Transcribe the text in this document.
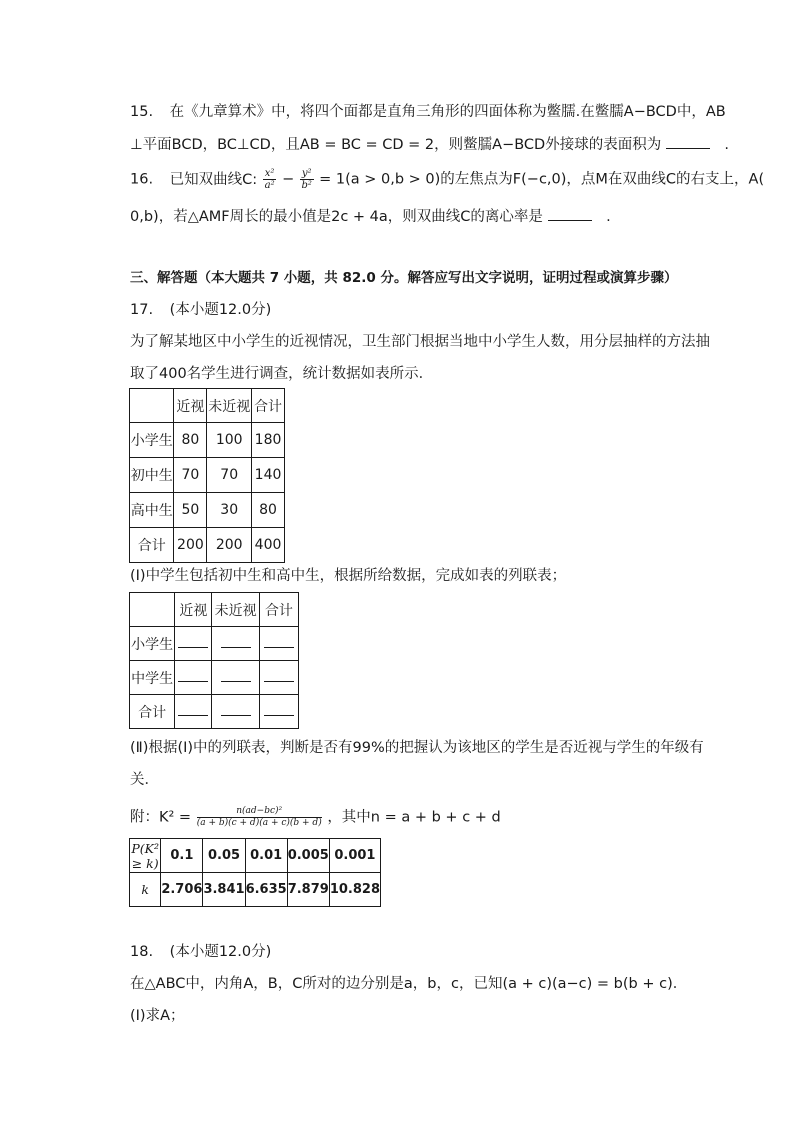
15. 在《九章算术》中，将四个面都是直角三角形的四面体称为鳖臑.在鳖臑A−BCD中，AB
⊥平面BCD，BC⊥CD，且AB = BC = CD = 2，则鳖臑A−BCD外接球的表面积为	.
16. 已知双曲线C: $\frac{\text{x²}}{\text{a²}} - \frac{\text{y²}}{\text{b²}} = 1(a > 0,b > 0)$的左焦点为F(−c,0)，点M在双曲线C的右支上，A(
0,b)，若△AMF周长的最小值是2c + 4a，则双曲线C的离心率是	.
三、解答题（本大题共 7 小题，共 82.0 分。解答应写出文字说明，证明过程或演算步骤）
17. (本小题12.0分)
为了解某地区中小学生的近视情况，卫生部门根据当地中小学生人数，用分层抽样的方法抽
取了400名学生进行调查，统计数据如表所示．
	近视	未近视	合计
小学生	80	100	180
初中生	70	70	140
高中生	50	30	80
合计	200	200	400
(Ⅰ)中学生包括初中生和高中生，根据所给数据，完成如表的列联表；
	近视	未近视	合计
小学生			
中学生			
合计			
(Ⅱ)根据(Ⅰ)中的列联表，判断是否有99%的把握认为该地区的学生是否近视与学生的年级有
关．
附：$K^2 = \frac{\text{n(ad−bc)²}}{(a + b)(c + d)(a + c)(b + d)}$ ，其中n = a + b + c + d
P(K² ≥ k)	0.1	0.05	0.01	0.005	0.001
k	2.706	3.841	6.635	7.879	10.828
18. (本小题12.0分)
在△ABC中，内角A，B，C所对的边分别是a，b，c，已知(a + c)(a−c) = b(b + c)．
(Ⅰ)求A；
